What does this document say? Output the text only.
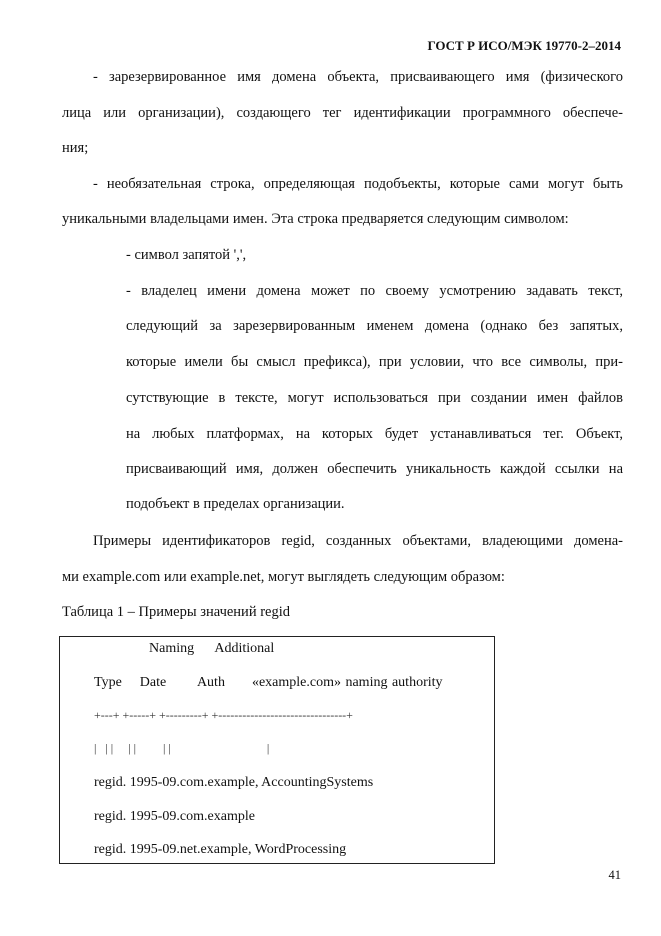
ГОСТ Р ИСО/МЭК 19770-2–2014
- зарезервированное имя домена объекта, присваивающего имя (физического
лица или организации), создающего тег идентификации программного обеспече-
ния;
- необязательная строка, определяющая подобъекты, которые сами могут быть
уникальными владельцами имен. Эта строка предваряется следующим символом:
- символ запятой ',',
- владелец имени домена может по своему усмотрению задавать текст,
следующий за зарезервированным именем домена (однако без запятых,
которые имели бы смысл префикса), при условии, что все символы, при-
сутствующие в тексте, могут использоваться при создании имен файлов
на любых платформах, на которых будет устанавливаться тег. Объект,
присваивающий имя, должен обеспечить уникальность каждой ссылки на
подобъект в пределах организации.
Примеры идентификаторов regid, созданных объектами, владеющими домена-
ми example.com или example.net, могут выглядеть следующим образом:
Таблица 1 – Примеры значений regid
Naming      Additional
Type    Date       Auth      «example.com» naming authority
+---+ +-----+ +---------+ +--------------------------------+
|   | |     | |         | |                                |
regid. 1995-09.com.example, AccountingSystems
regid. 1995-09.com.example
regid. 1995-09.net.example, WordProcessing
41
